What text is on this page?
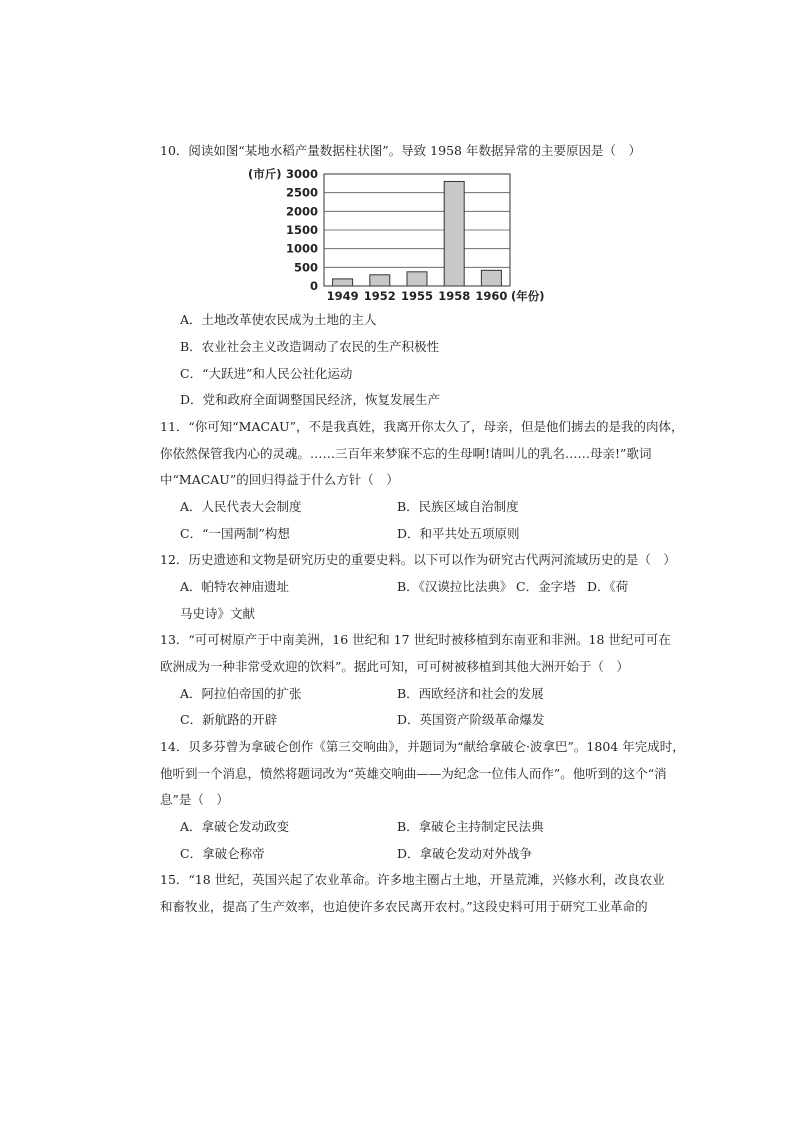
10．阅读如图“某地水稻产量数据柱状图”。导致 1958 年数据异常的主要原因是（　）
0
500
1000
1500
2000
2500
3000
(市斤)
1949 1952 1955 1958 1960 (年份)
A．土地改革使农民成为土地的主人
B．农业社会主义改造调动了农民的生产积极性
C．“大跃进”和人民公社化运动
D．党和政府全面调整国民经济，恢复发展生产
11．“你可知“MACAU”，不是我真姓，我离开你太久了，母亲，但是他们掳去的是我的肉体，
你依然保管我内心的灵魂。……三百年来梦寐不忘的生母啊!请叫儿的乳名……母亲!”歌词
中“MACAU”的回归得益于什么方针（　）
A．人民代表大会制度	B．民族区域自治制度
C．“一国两制”构想	D．和平共处五项原则
12．历史遗迹和文物是研究历史的重要史料。以下可以作为研究古代两河流域历史的是（　）
A．帕特农神庙遗址	B．《汉谟拉比法典》 C．金字塔 D．《荷
马史诗》文献
13．“可可树原产于中南美洲，16 世纪和 17 世纪时被移植到东南亚和非洲。18 世纪可可在
欧洲成为一种非常受欢迎的饮料”。据此可知，可可树被移植到其他大洲开始于（　）
A．阿拉伯帝国的扩张	B．西欧经济和社会的发展
C．新航路的开辟	D．英国资产阶级革命爆发
14．贝多芬曾为拿破仑创作《第三交响曲》，并题词为“献给拿破仑·波拿巴”。1804 年完成时，
他听到一个消息，愤然将题词改为“英雄交响曲——为纪念一位伟人而作”。他听到的这个“消
息”是（　）
A．拿破仑发动政变	B．拿破仑主持制定民法典
C．拿破仑称帝	D．拿破仑发动对外战争
15．“18 世纪，英国兴起了农业革命。许多地主圈占土地，开垦荒滩，兴修水利，改良农业
和畜牧业，提高了生产效率，也迫使许多农民离开农村。”这段史料可用于研究工业革命的
